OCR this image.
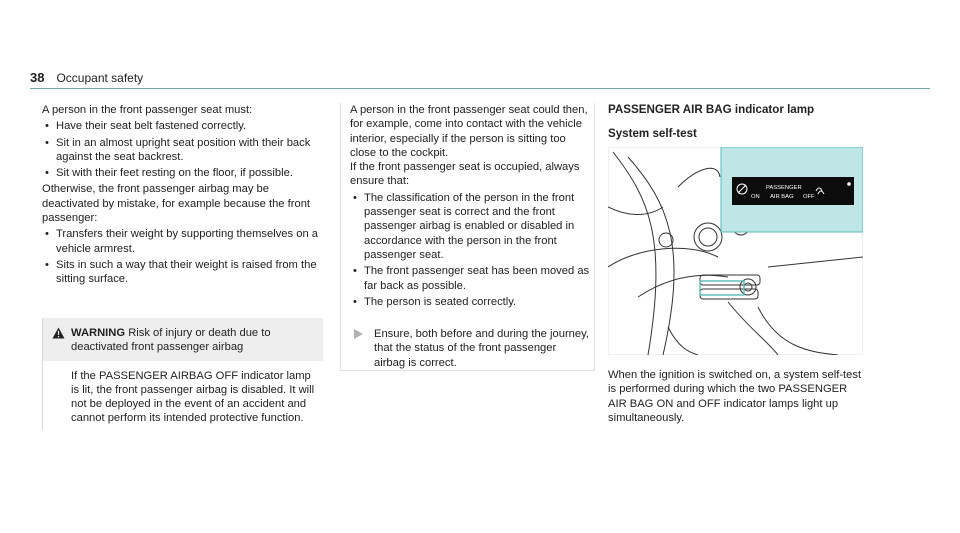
38 Occupant safety

A person in the front passenger seat must:

• Have their seat belt fastened correctly.
• Sit in an almost upright seat position with their back against the seat backrest.
• Sit with their feet resting on the floor, if possible.

Otherwise, the front passenger airbag may be deactivated by mistake, for example because the front passenger:

• Transfers their weight by supporting themselves on a vehicle armrest.
• Sits in such a way that their weight is raised from the sitting surface.
WARNING Risk of injury or death due to deactivated front passenger airbag
If the PASSENGER AIRBAG OFF indicator lamp is lit, the front passenger airbag is disabled. It will not be deployed in the event of an accident and cannot perform its intended protective function.

A person in the front passenger seat could then, for example, come into contact with the vehicle interior, especially if the person is sitting too close to the cockpit.

If the front passenger seat is occupied, always ensure that:

• The classification of the person in the front passenger seat is correct and the front passenger airbag is enabled or disabled in accordance with the person in the front passenger seat.
• The front passenger seat has been moved as far back as possible.
• The person is seated correctly.
Ensure, both before and during the journey, that the status of the front passenger airbag is correct.

PASSENGER AIR BAG indicator lamp

System self-test

PASSENGER
ON AIR BAG OFF

When the ignition is switched on, a system self-test is performed during which the two PASSENGER AIR BAG ON and OFF indicator lamps light up simultaneously.
